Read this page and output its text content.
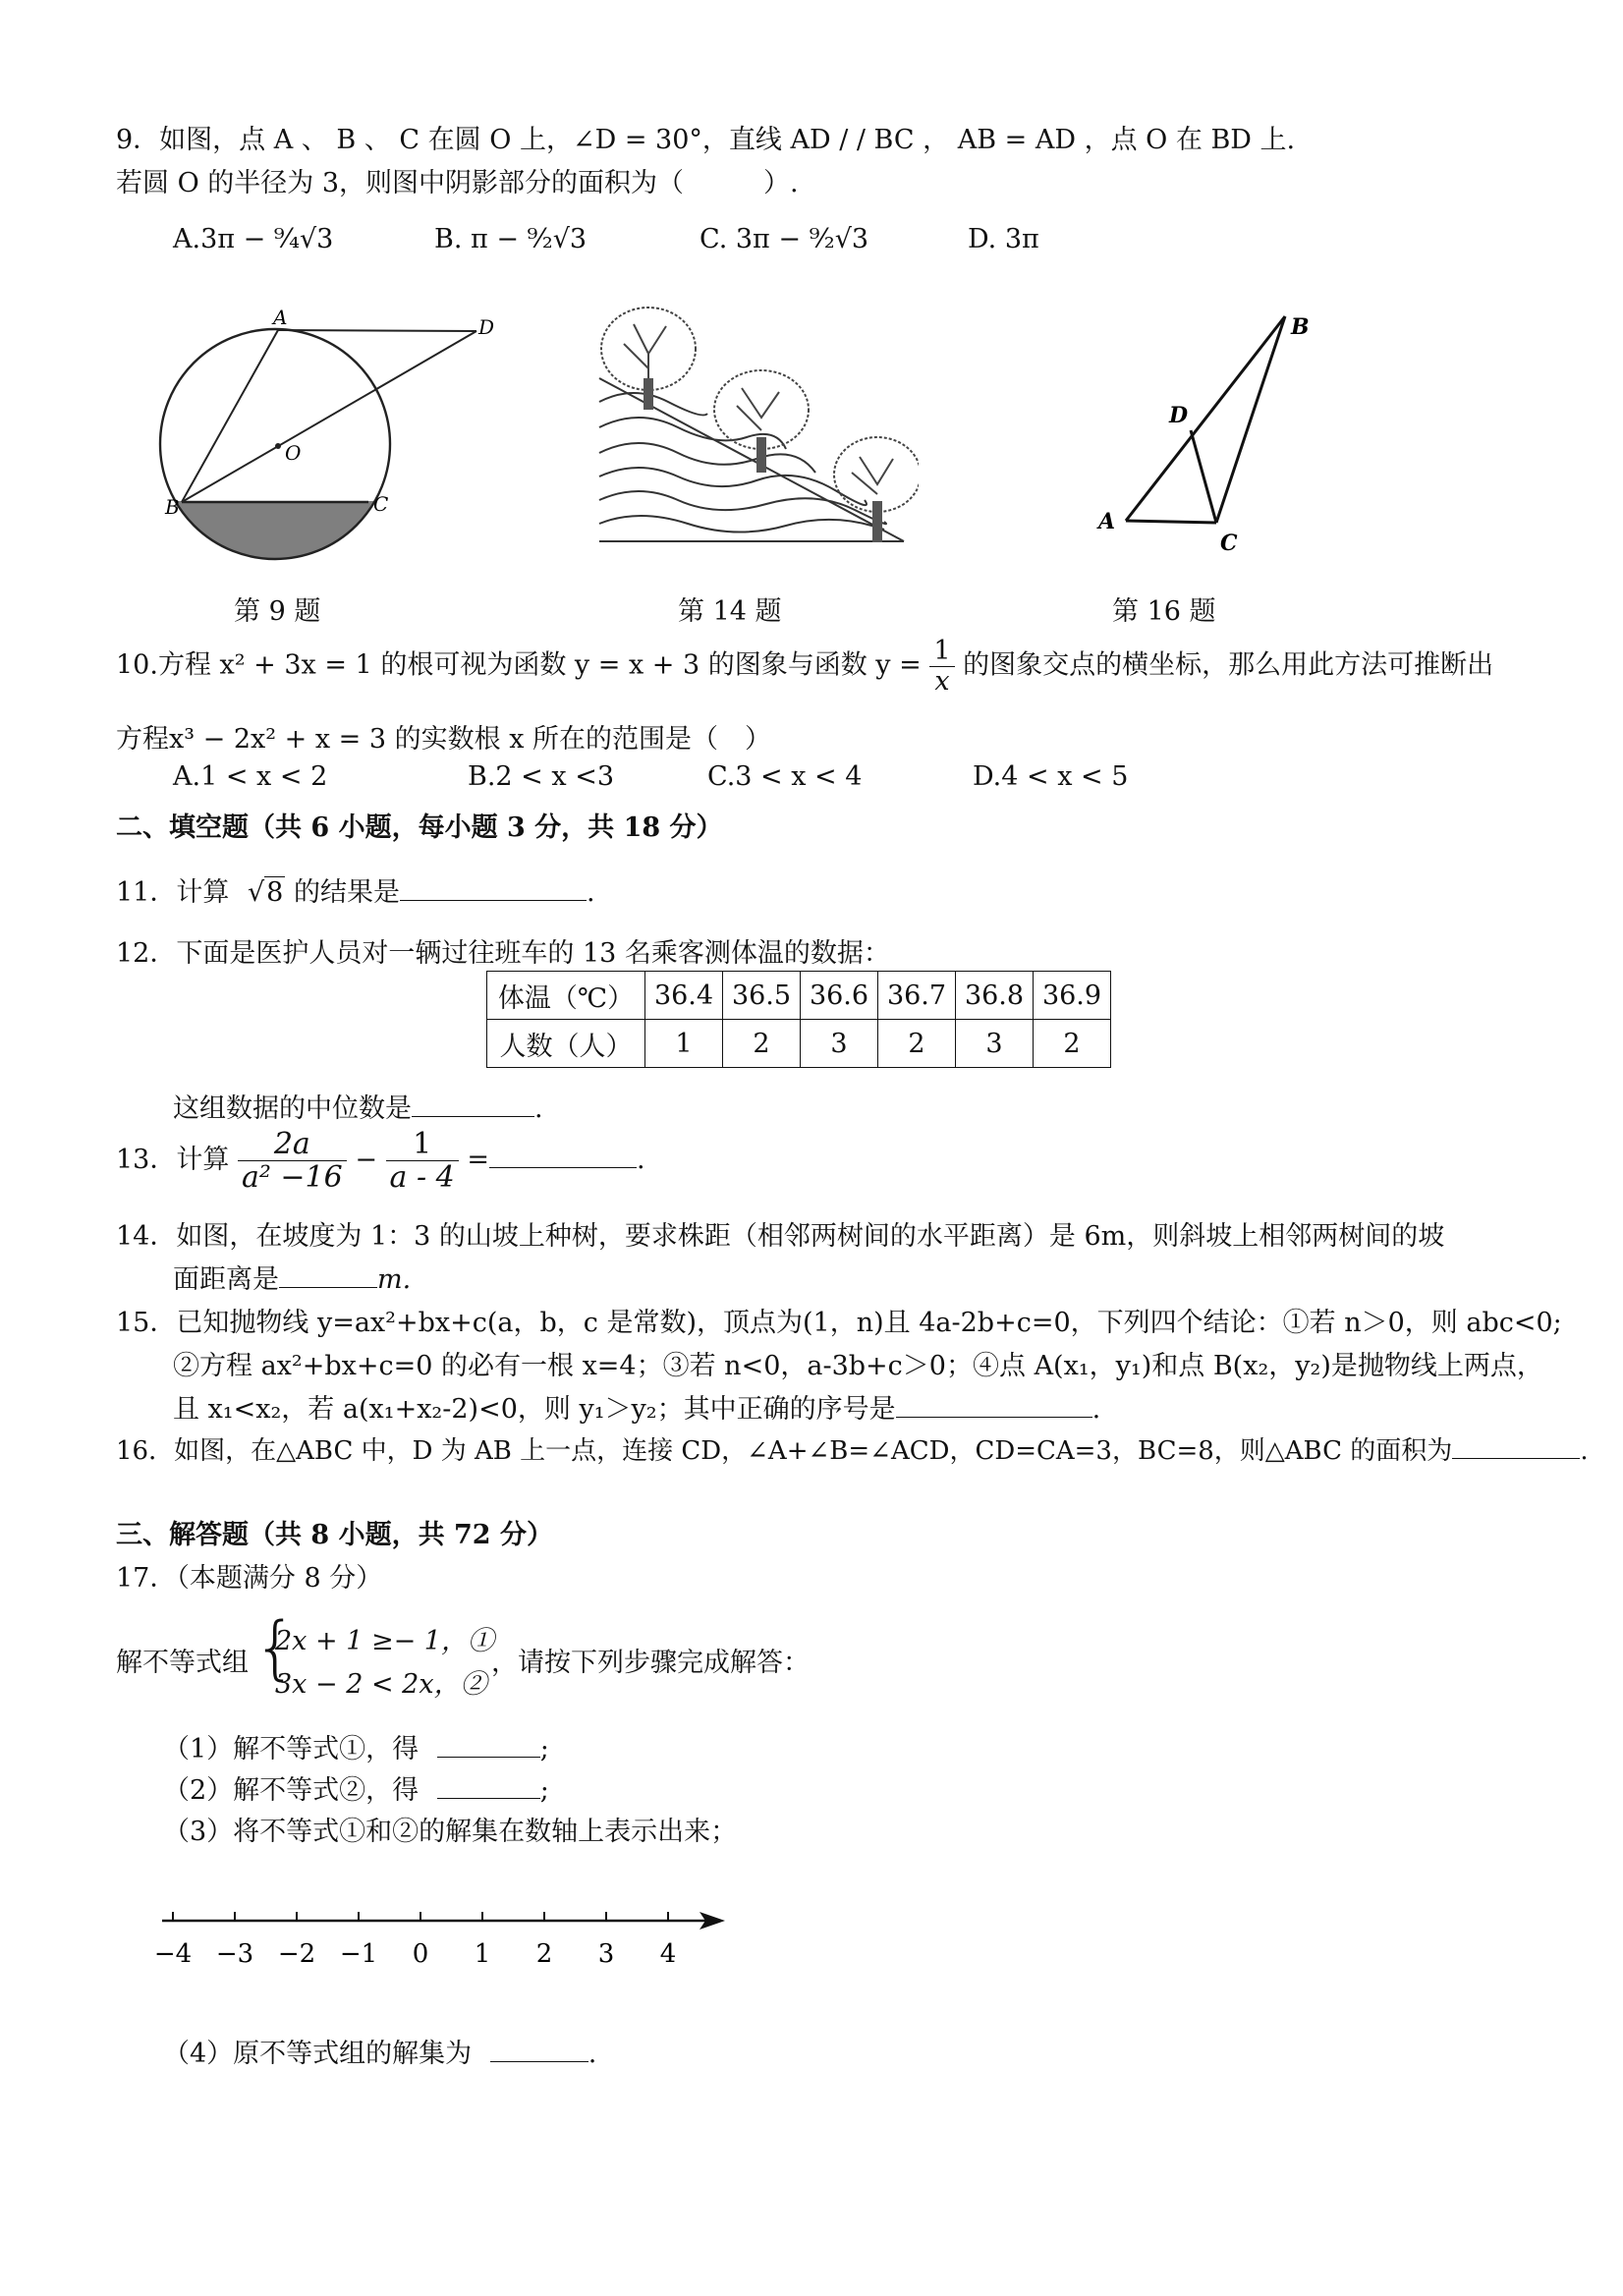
9．如图，点 A 、 B 、 C 在圆 O 上，∠D = 30°，直线 AD / / BC ， AB = AD ，点 O 在 BD 上.
若圆 O 的半径为 3，则图中阴影部分的面积为（　　　）.
A.3π − ⁹⁄₄√3	B. π − ⁹⁄₂√3	C. 3π − ⁹⁄₂√3	D. 3π
A	D
O
B	C
A
B
C
D
第 9 题	第 14 题	第 16 题
10.方程 x² + 3x = 1 的根可视为函数 y = x + 3 的图象与函数 $y = \frac{1}{x}$ 的图象交点的横坐标，那么用此方法可推断出
方程x³ − 2x² + x = 3 的实数根 x 所在的范围是（　）
A.1 < x < 2	B.2 < x <3	C.3 < x < 4	D.4 < x < 5
二、填空题（共 6 小题，每小题 3 分，共 18 分）
11．计算 √8 的结果是	.
12．下面是医护人员对一辆过往班车的 13 名乘客测体温的数据：
体温（℃）	36.4	36.5	36.6	36.7	36.8	36.9
人数（人）	1	2	3	2	3	2
这组数据的中位数是	.
13．计算 $\frac{2a}{\text{a² −16}} - \frac{1}{a - 4}$ =	.
14．如图，在坡度为 1：3 的山坡上种树，要求株距（相邻两树间的水平距离）是 6m，则斜坡上相邻两树间的坡
面距离是	m.
15．已知抛物线 y=ax²+bx+c(a，b，c 是常数)，顶点为(1，n)且 4a-2b+c=0，下列四个结论：①若 n＞0，则 abc<0;
②方程 ax²+bx+c=0 的必有一根 x=4；③若 n<0，a-3b+c＞0；④点 A(x₁，y₁)和点 B(x₂，y₂)是抛物线上两点，
且 x₁<x₂，若 a(x₁+x₂-2)<0，则 y₁＞y₂；其中正确的序号是	.
16．如图，在△ABC 中，D 为 AB 上一点，连接 CD，∠A+∠B=∠ACD，CD=CA=3，BC=8，则△ABC 的面积为	.
三、解答题（共 8 小题，共 72 分）
17．（本题满分 8 分）
解不等式组 {
2x + 1 ≥− 1，①
3x − 2 < 2x，②
，请按下列步骤完成解答：
（1）解不等式①，得	;
（2）解不等式②，得	;
（3）将不等式①和②的解集在数轴上表示出来；
−4 −3 −2 −1 0 1 2 3 4
（4）原不等式组的解集为	.
